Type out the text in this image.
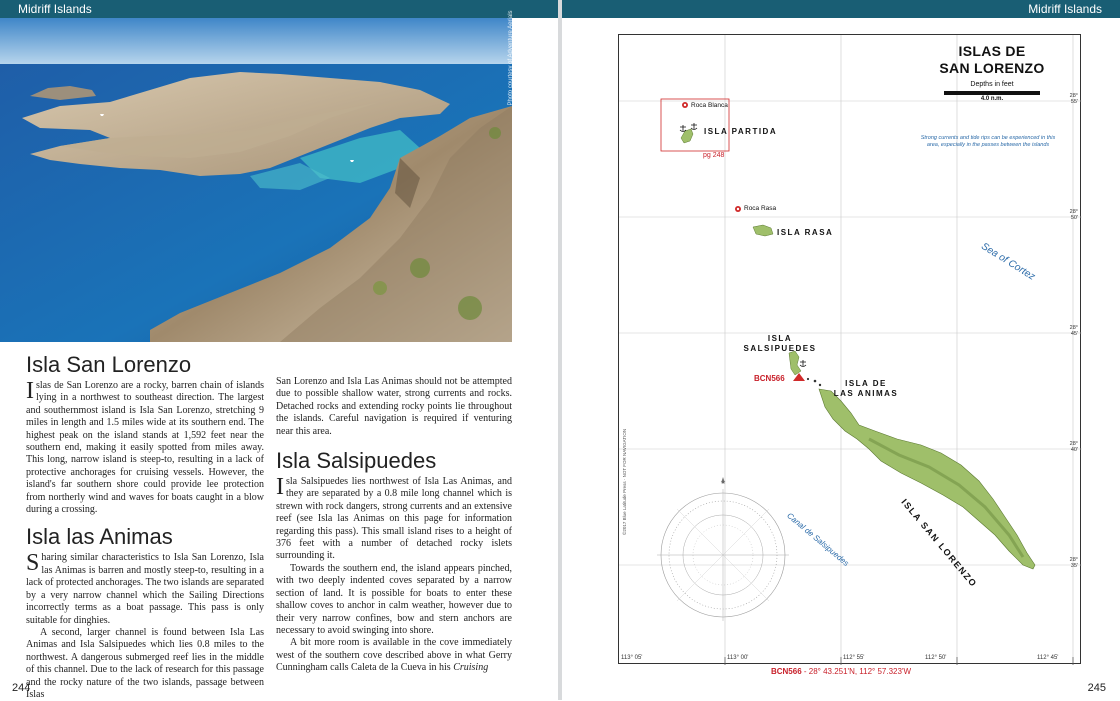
Midriff Islands
Photo courtesy of Adventure Aerials
Isla San Lorenzo

Islas de San Lorenzo are a rocky, barren chain of islands lying in a northwest to southeast direction. The largest and southernmost island is Isla San Lorenzo, stretching 9 miles in length and 1.5 miles wide at its southern end. The highest peak on the island stands at 1,592 feet near the southern end, making it easily spotted from miles away. This long, narrow island is steep-to, resulting in a lack of protective anchorages for cruising vessels. However, the island's far southern shore could provide lee protection from northerly wind and waves for boats caught in a blow during a crossing.

Isla las Animas

Sharing similar characteristics to Isla San Lorenzo, Isla las Animas is barren and mostly steep-to, resulting in a lack of protected anchorages. The two islands are separated by a very narrow channel which the Sailing Directions incorrectly terms as a boat passage. This pass is only suitable for dinghies.

A second, larger channel is found between Isla Las Animas and Isla Salsipuedes which lies 0.8 miles to the northwest. A dangerous submerged reef lies in the middle of this channel. Due to the lack of research for this passage and the rocky nature of the two islands, passage between Islas

San Lorenzo and Isla Las Animas should not be attempted due to possible shallow water, strong currents and rocks. Detached rocks and extending rocky points lie throughout the islands. Careful navigation is required if venturing near this area.

Isla Salsipuedes

Isla Salsipuedes lies northwest of Isla Las Animas, and they are separated by a 0.8 mile long channel which is strewn with rock dangers, strong currents and an extensive reef (see Isla las Animas on this page for information regarding this pass). This small island rises to a height of 376 feet with a number of detached rocky islets surrounding it.

Towards the southern end, the island appears pinched, with two deeply indented coves separated by a narrow section of land. It is possible for boats to enter these shallow coves to anchor in calm weather, however due to their very narrow confines, bow and stern anchors are necessary to avoid swinging into shore.

A bit more room is available in the cove immediately west of the southern cove described above in what Gerry Cunningham calls Caleta de la Cueva in his Cruising

244
Midriff Islands
★
ISLAS DE
SAN LORENZO
Depths in feet
4.0 n.m.
Strong currents and tide rips can be experienced in this area, especially in the passes between the islands
Roca Blanca
ISLA PARTIDA
pg 248
Roca Rasa
ISLA RASA
ISLA
SALSIPUEDES
BCN566
ISLA DE
LAS ANIMAS
ISLA SAN LORENZO
Sea of Cortez
Canal de Salsipuedes
28°
55'
28°
50'
28°
45'
28°
40'
28°
35'
113° 05'	113° 00'	112° 55'	112° 50'	112° 45'
©2017 Blue Latitude Press · NOT FOR NAVIGATION
BCN566 - 28° 43.251'N, 112° 57.323'W
245
